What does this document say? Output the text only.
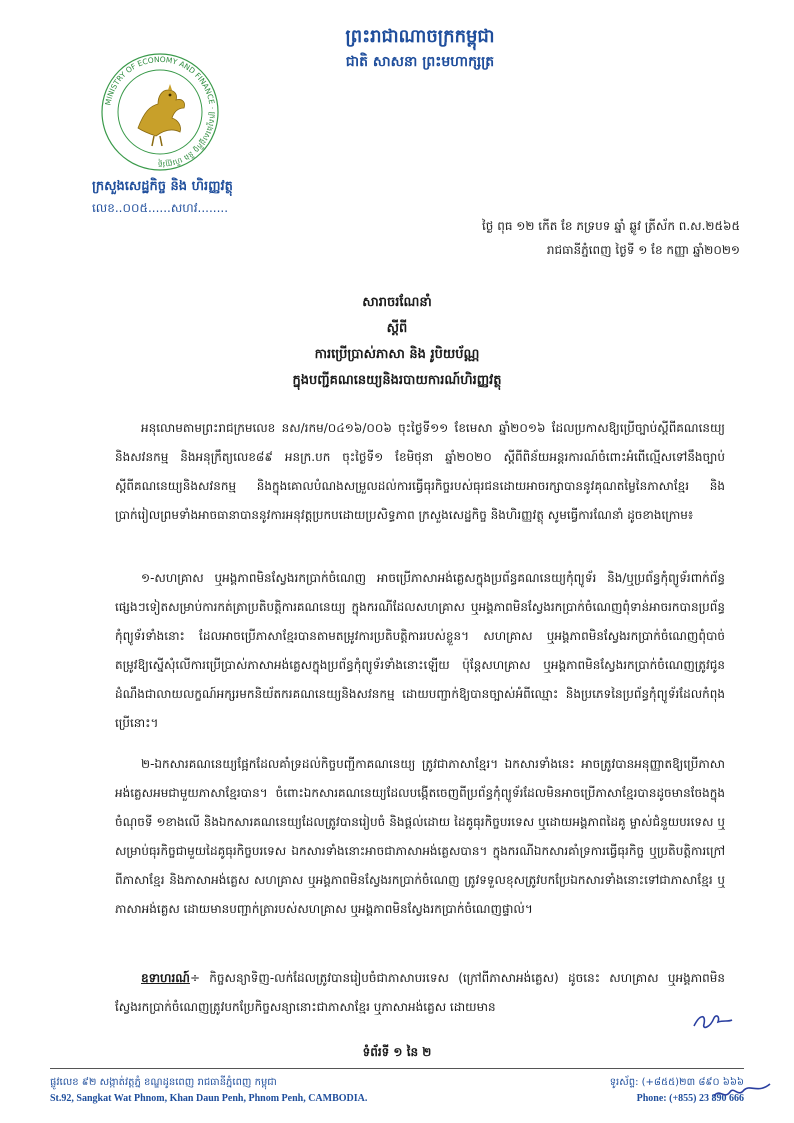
ព្រះរាជាណាចក្រកម្ពុជា
ជាតិ សាសនា ព្រះមហាក្សត្រ
MINISTRY OF ECONOMY AND FINANCE · ក្រសួងសេដ្ឋកិច្ច និង ហិរញ្ញវត្ថុ
ក្រសួងសេដ្ឋកិច្ច និង ហិរញ្ញវត្ថុ
លេខ..០០៥......សហវ........
ថ្ងៃ ពុធ ១២ កើត ខែ ភទ្របទ ឆ្នាំ ឆ្លូវ ត្រីស័ក ព.ស.២៥៦៥
រាជធានីភ្នំពេញ ថ្ងៃទី ១ ខែ កញ្ញា ឆ្នាំ២០២១
សារាចរណែនាំ
ស្ដីពី
ការប្រើប្រាស់ភាសា និង រូបិយប័ណ្ណ
ក្នុងបញ្ជីគណនេយ្យនិងរបាយការណ៍ហិរញ្ញវត្ថុ
អនុលោមតាមព្រះរាជក្រមលេខ នស/រកម/០៤១៦/០០៦ ចុះថ្ងៃទី១១ ខែមេសា ឆ្នាំ២០១៦ ដែលប្រកាសឱ្យប្រើច្បាប់ស្ដីពីគណនេយ្យនិងសវនកម្ម និងអនុក្រឹត្យលេខ៨៩ អនក្រ.បក ចុះថ្ងៃទី១ ខែមិថុនា ឆ្នាំ២០២០ ស្ដីពីពិន័យអន្តរការណ៍ចំពោះអំពើល្មើសទៅនឹងច្បាប់ស្ដីពីគណនេយ្យនិងសវនកម្ម និងក្នុងគោលបំណងសម្រួលដល់ការធ្វើធុរកិច្ចរបស់ធុរជនដោយអាចរក្សាបាននូវគុណតម្លៃនៃភាសាខ្មែរ និងប្រាក់រៀលព្រមទាំងអាចធានាបាននូវការអនុវត្តប្រកបដោយប្រសិទ្ធភាព ក្រសួងសេដ្ឋកិច្ច និងហិរញ្ញវត្ថុ សូមធ្វើការណែនាំ ដូចខាងក្រោម៖
១-សហគ្រាស ឬអង្គភាពមិនស្វែងរកប្រាក់ចំណេញ អាចប្រើភាសាអង់គ្លេសក្នុងប្រព័ន្ធគណនេយ្យកុំព្យូទ័រ និង/ឬប្រព័ន្ធកុំព្យូទ័រពាក់ព័ន្ធផ្សេងៗទៀតសម្រាប់ការកត់ត្រាប្រតិបត្តិការគណនេយ្យ ក្នុងករណីដែលសហគ្រាស ឬអង្គភាពមិនស្វែងរកប្រាក់ចំណេញពុំទាន់អាចរកបានប្រព័ន្ធកុំព្យូទ័រទាំងនោះ ដែលអាចប្រើភាសាខ្មែរបានតាមតម្រូវការប្រតិបត្តិការរបស់ខ្លួន។ សហគ្រាស ឬអង្គភាពមិនស្វែងរកប្រាក់ចំណេញពុំបាច់តម្រូវឱ្យស្នើសុំលើការប្រើប្រាស់ភាសាអង់គ្លេសក្នុងប្រព័ន្ធកុំព្យូទ័រទាំងនោះឡើយ ប៉ុន្តែសហគ្រាស ឬអង្គភាពមិនស្វែងរកប្រាក់ចំណេញត្រូវជូនដំណឹងជាលាយលក្ខណ៍អក្សរមកនិយ័តករគណនេយ្យនិងសវនកម្ម ដោយបញ្ជាក់ឱ្យបានច្បាស់អំពីឈ្មោះ និងប្រភេទនៃប្រព័ន្ធកុំព្យូទ័រដែលកំពុងប្រើនោះ។
២-ឯកសារគណនេយ្យផ្អែកដែលគាំទ្រដល់កិច្ចបញ្ជីកាគណនេយ្យ ត្រូវជាភាសាខ្មែរ។ ឯកសារទាំងនេះ អាចត្រូវបានអនុញ្ញាតឱ្យប្រើភាសាអង់គ្លេសអមជាមួយភាសាខ្មែរបាន។ ចំពោះឯកសារគណនេយ្យដែលបង្កើតចេញពីប្រព័ន្ធកុំព្យូទ័រដែលមិនអាចប្រើភាសាខ្មែរបានដូចមានចែងក្នុងចំណុចទី ១ខាងលើ និងឯកសារគណនេយ្យដែលត្រូវបានរៀបចំ និងផ្ដល់ដោយ ដៃគូធុរកិច្ចបរទេស ឬដោយអង្គភាពដៃគូ ម្ចាស់ជំនួយបរទេស ឬសម្រាប់ធុរកិច្ចជាមួយដៃគូធុរកិច្ចបរទេស ឯកសារទាំងនោះអាចជាភាសាអង់គ្លេសបាន។ ក្នុងករណីឯកសារគាំទ្រការធ្វើធុរកិច្ច ឬប្រតិបត្តិការក្រៅពីភាសាខ្មែរ និងភាសាអង់គ្លេស សហគ្រាស ឬអង្គភាពមិនស្វែងរកប្រាក់ចំណេញ ត្រូវទទួលខុសត្រូវបកប្រែឯកសារទាំងនោះទៅជាភាសាខ្មែរ ឬភាសាអង់គ្លេស ដោយមានបញ្ជាក់ត្រារបស់សហគ្រាស ឬអង្គភាពមិនស្វែងរកប្រាក់ចំណេញផ្ទាល់។
ឧទាហរណ៍÷ កិច្ចសន្យាទិញ-លក់ដែលត្រូវបានរៀបចំជាភាសាបរទេស (ក្រៅពីភាសាអង់គ្លេស) ដូចនេះ សហគ្រាស ឬអង្គភាពមិនស្វែងរកប្រាក់ចំណេញត្រូវបកប្រែកិច្ចសន្យានោះជាភាសាខ្មែរ ឬភាសាអង់គ្លេស ដោយមាន
ទំព័រទី ១ នៃ ២
ផ្លូវលេខ ៩២ សង្កាត់វត្តភ្នំ ខណ្ឌដូនពេញ រាជធានីភ្នំពេញ កម្ពុជា
St.92, Sangkat Wat Phnom, Khan Daun Penh, Phnom Penh, CAMBODIA.
ទូរស័ព្ទ: (+៨៥៥)២៣ ៨៩០ ៦៦៦
Phone: (+855) 23 890 666
